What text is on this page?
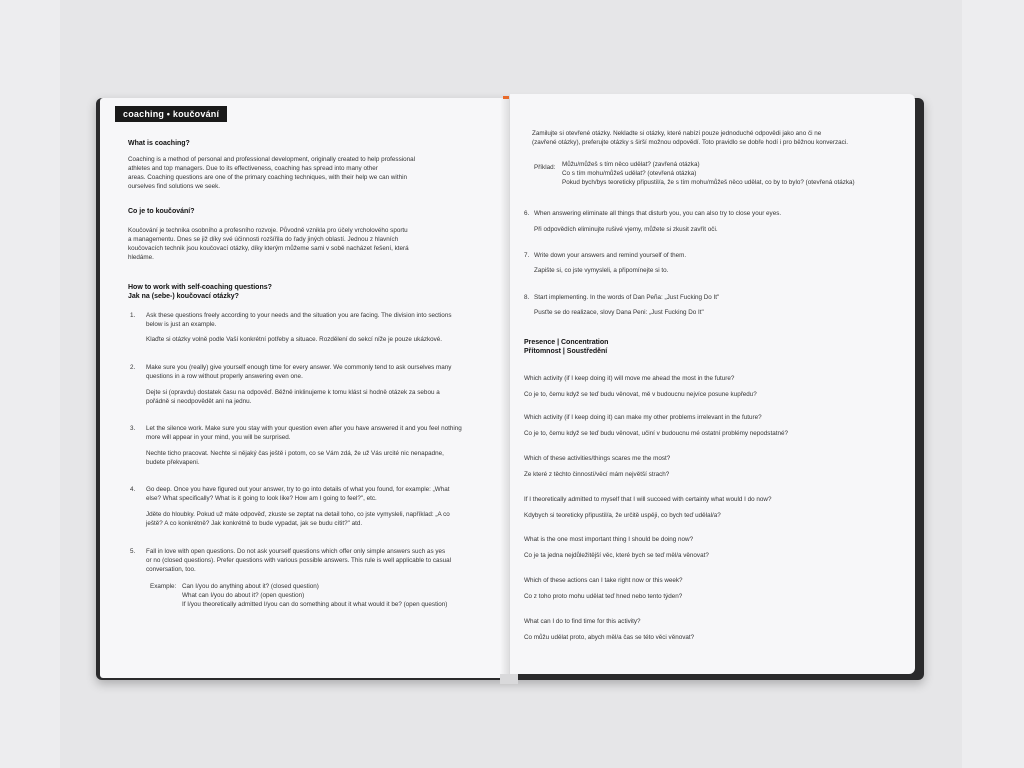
coaching • koučování
What is coaching?
Coaching is a method of personal and professional development, originally created to help professional
athletes and top managers. Due to its effectiveness, coaching has spread into many other
areas. Coaching questions are one of the primary coaching techniques, with their help we can within
ourselves find solutions we seek.
Co je to koučování?
Koučování je technika osobního a profesního rozvoje. Původně vznikla pro účely vrcholového sportu
a managementu. Dnes se již díky své účinnosti rozšířila do řady jiných oblastí. Jednou z hlavních
koučovacích technik jsou koučovací otázky, díky kterým můžeme sami v sobě nacházet řešení, která
hledáme.
How to work with self-coaching questions?
Jak na (sebe-) koučovací otázky?
1. Ask these questions freely according to your needs and the situation you are facing. The division into sections
below is just an example.
Klaďte si otázky volně podle Vaší konkrétní potřeby a situace. Rozdělení do sekcí níže je pouze ukázkové.
2. Make sure you (really) give yourself enough time for every answer. We commonly tend to ask ourselves many
questions in a row without properly answering even one.
Dejte si (opravdu) dostatek času na odpověď. Běžně inklinujeme k tomu klást si hodně otázek za sebou a
pořádně si neodpovědět ani na jednu.
3. Let the silence work. Make sure you stay with your question even after you have answered it and you feel nothing
more will appear in your mind, you will be surprised.
Nechte ticho pracovat. Nechte si nějaký čas ještě i potom, co se Vám zdá, že už Vás urcité nic nenapadne,
budete překvapeni.
4. Go deep. Once you have figured out your answer, try to go into details of what you found, for example: „What
else? What specifically? What is it going to look like? How am I going to feel?", etc.
Jděte do hloubky. Pokud už máte odpověď, zkuste se zeptat na detail toho, co jste vymysleli, například: „A co
ještě? A co konkrétně? Jak konkrétně to bude vypadat, jak se budu cítit?" atd.
5. Fall in love with open questions. Do not ask yourself questions which offer only simple answers such as yes
or no (closed questions). Prefer questions with various possible answers. This rule is well applicable to casual
conversation, too.
Example: Can I/you do anything about it? (closed question)
What can I/you do about it? (open question)
If I/you theoretically admitted I/you can do something about it what would it be? (open question)
Zamilujte si otevřené otázky. Nekladte si otázky, které nabízí pouze jednoduché odpovědi jako ano či ne
(zavřené otázky), preferujte otázky s širší možnou odpovědí. Toto pravidlo se dobře hodí i pro běžnou konverzaci.
Příklad: Můžu/můžeš s tím něco udělat? (zavřená otázka)
Co s tím mohu/můžeš udělat? (otevřená otázka)
Pokud bych/bys teoreticky připustil/a, že s tím mohu/můžeš něco udělat, co by to bylo? (otevřená otázka)
6. When answering eliminate all things that disturb you, you can also try to close your eyes.
Při odpovědích eliminujte rušivé vjemy, můžete si zkusit zavřít oči.
7. Write down your answers and remind yourself of them.
Zapište si, co jste vymysleli, a připomínejte si to.
8. Start implementing. In the words of Dan Peña: „Just Fucking Do It"
Pusťte se do realizace, slovy Dana Peni: „Just Fucking Do It"
Presence | Concentration
Přítomnost | Soustředění
Which activity (if I keep doing it) will move me ahead the most in the future?
Co je to, čemu když se teď budu věnovat, mě v budoucnu nejvíce posune kupředu?
Which activity (if I keep doing it) can make my other problems irrelevant in the future?
Co je to, čemu když se teď budu věnovat, učiní v budoucnu mé ostatní problémy nepodstatné?
Which of these activities/things scares me the most?
Ze které z těchto činností/věcí mám největší strach?
If I theoretically admitted to myself that I will succeed with certainty what would I do now?
Kdybych si teoreticky připustil/a, že určitě uspěji, co bych teď udělal/a?
What is the one most important thing I should be doing now?
Co je ta jedna nejdůležitější věc, které bych se teď měl/a věnovat?
Which of these actions can I take right now or this week?
Co z toho proto mohu udělat teď hned nebo tento týden?
What can I do to find time for this activity?
Co můžu udělat proto, abych měl/a čas se této věci věnovat?
